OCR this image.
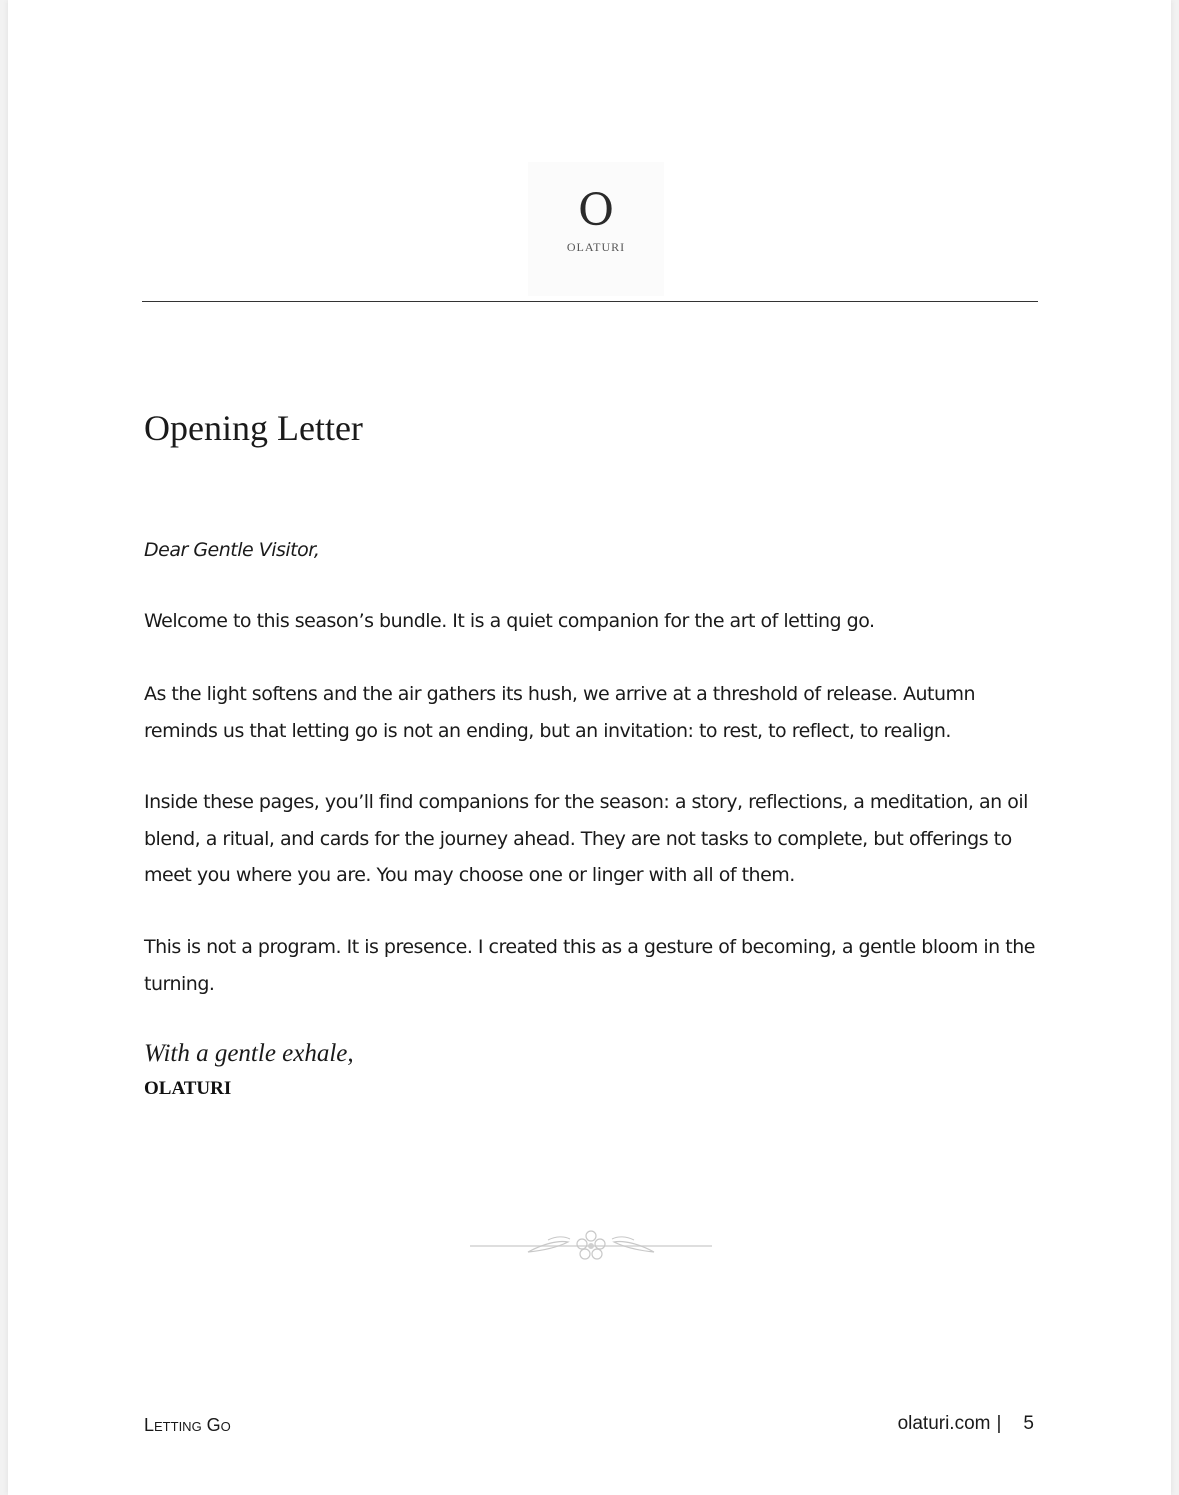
O
OLATURI
Opening Letter

Dear Gentle Visitor,

Welcome to this season’s bundle. It is a quiet companion for the art of letting go.

As the light softens and the air gathers its hush, we arrive at a threshold of release. Autumn reminds us that letting go is not an ending, but an invitation: to rest, to reflect, to realign.

Inside these pages, you’ll find companions for the season: a story, reflections, a meditation, an oil blend, a ritual, and cards for the journey ahead. They are not tasks to complete, but offerings to meet you where you are. You may choose one or linger with all of them.

This is not a program. It is presence. I created this as a gesture of becoming, a gentle bloom in the turning.

With a gentle exhale,

OLATURI

Letting Go	olaturi.com | 5
